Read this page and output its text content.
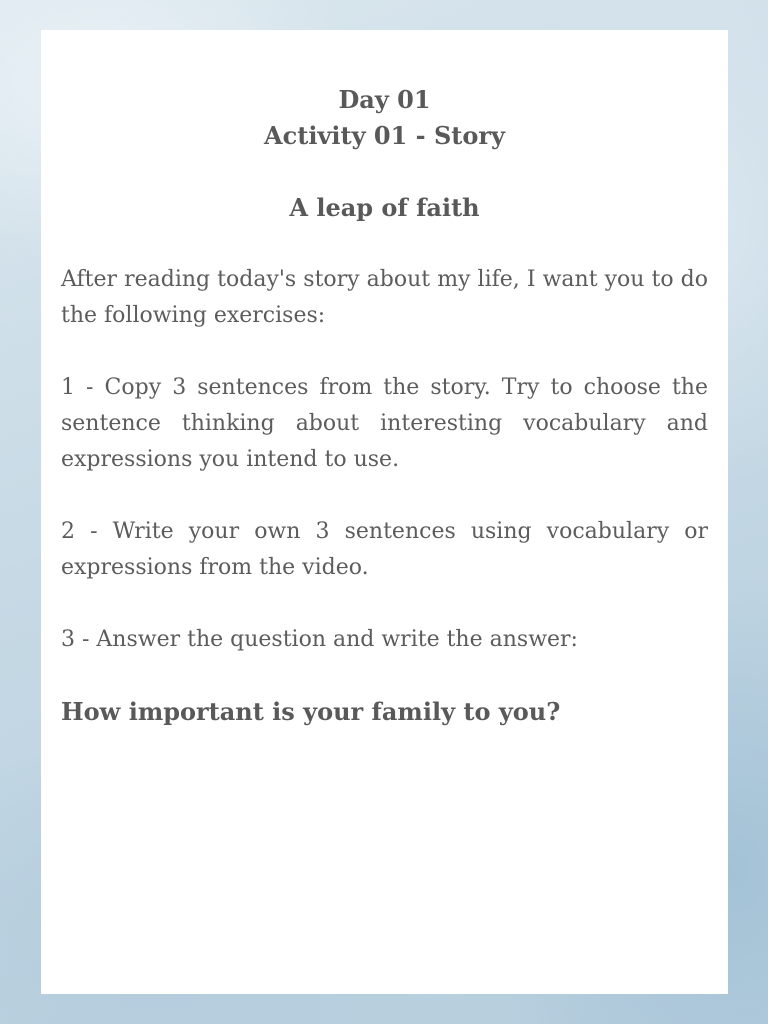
Day 01

Activity 01 - Story

A leap of faith

After reading today's story about my life, I want you to do the following exercises:

1 - Copy 3 sentences from the story. Try to choose the sentence thinking about interesting vocabulary and expressions you intend to use.

2 - Write your own 3 sentences using vocabulary or expressions from the video.

3 - Answer the question and write the answer:

How important is your family to you?
